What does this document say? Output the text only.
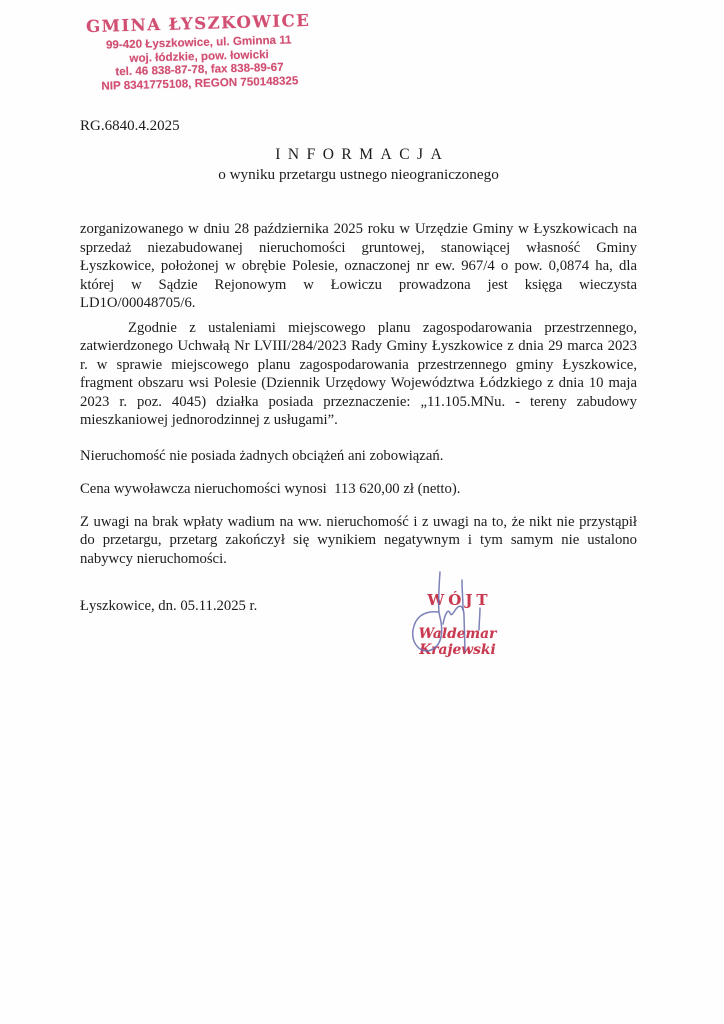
GMINA ŁYSZKOWICE
99-420 Łyszkowice, ul. Gminna 11
woj. łódzkie, pow. łowicki
tel. 46 838-87-78, fax 838-89-67
NIP 8341775108, REGON 750148325
RG.6840.4.2025
INFORMACJA
o wyniku przetargu ustnego nieograniczonego

zorganizowanego w dniu 28 października 2025 roku w Urzędzie Gminy w Łyszkowicach na sprzedaż niezabudowanej nieruchomości gruntowej, stanowiącej własność Gminy Łyszkowice, położonej w obrębie Polesie, oznaczonej nr ew. 967/4 o pow. 0,0874 ha, dla której w Sądzie Rejonowym w Łowiczu prowadzona jest księga wieczysta LD1O/00048705/6.

Zgodnie z ustaleniami miejscowego planu zagospodarowania przestrzennego, zatwierdzonego Uchwałą Nr LVIII/284/2023 Rady Gminy Łyszkowice z dnia 29 marca 2023 r. w sprawie miejscowego planu zagospodarowania przestrzennego gminy Łyszkowice, fragment obszaru wsi Polesie (Dziennik Urzędowy Województwa Łódzkiego z dnia 10 maja 2023 r. poz. 4045) działka posiada przeznaczenie: „11.105.MNu. - tereny zabudowy mieszkaniowej jednorodzinnej z usługami”.

Nieruchomość nie posiada żadnych obciążeń ani zobowiązań.

Cena wywoławcza nieruchomości wynosi  113 620,00 zł (netto).

Z uwagi na brak wpłaty wadium na ww. nieruchomość i z uwagi na to, że nikt nie przystąpił do przetargu, przetarg zakończył się wynikiem negatywnym i tym samym nie ustalono nabywcy nieruchomości.

Łyszkowice, dn. 05.11.2025 r.	WÓJT
Waldemar Krajewski
